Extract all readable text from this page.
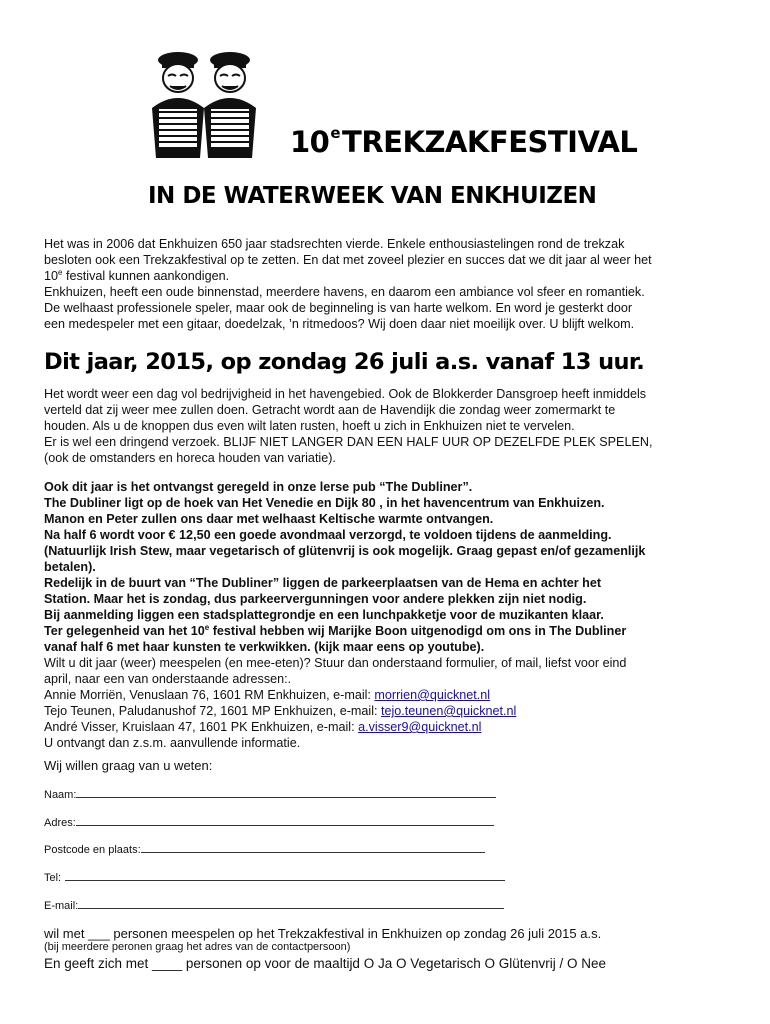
10eTREKZAKFESTIVAL
IN DE WATERWEEK VAN ENKHUIZEN

Het was in 2006 dat Enkhuizen 650 jaar stadsrechten vierde. Enkele enthousiastelingen rond de trekzak

besloten ook een Trekzakfestival op te zetten. En dat met zoveel plezier en succes dat we dit jaar al weer het

10e festival kunnen aankondigen.

Enkhuizen, heeft een oude binnenstad, meerdere havens, en daarom een ambiance vol sfeer en romantiek.

De welhaast professionele speler, maar ook de beginneling is van harte welkom. En word je gesterkt door

een medespeler met een gitaar, doedelzak, ’n ritmedoos? Wij doen daar niet moeilijk over. U blijft welkom.

Dit jaar, 2015, op zondag 26 juli a.s. vanaf 13 uur.

Het wordt weer een dag vol bedrijvigheid in het havengebied. Ook de Blokkerder Dansgroep heeft inmiddels

verteld dat zij weer mee zullen doen. Getracht wordt aan de Havendijk die zondag weer zomermarkt te

houden. Als u de knoppen dus even wilt laten rusten, hoeft u zich in Enkhuizen niet te vervelen.

Er is wel een dringend verzoek. BLIJF NIET LANGER DAN EEN HALF UUR OP DEZELFDE PLEK SPELEN,

(ook de omstanders en horeca houden van variatie).

Ook dit jaar is het ontvangst geregeld in onze lerse pub “The Dubliner”.

The Dubliner ligt op de hoek van Het Venedie en Dijk 80 , in het havencentrum van Enkhuizen.

Manon en Peter zullen ons daar met welhaast Keltische warmte ontvangen.

Na half 6 wordt voor € 12,50 een goede avondmaal verzorgd, te voldoen tijdens de aanmelding.

(Natuurlijk Irish Stew, maar vegetarisch of glütenvrij is ook mogelijk. Graag gepast en/of gezamenlijk

betalen).

Redelijk in de buurt van “The Dubliner” liggen de parkeerplaatsen van de Hema en achter het

Station. Maar het is zondag, dus parkeervergunningen voor andere plekken zijn niet nodig.

Bij aanmelding liggen een stadsplattegrondje en een lunchpakketje voor de muzikanten klaar.

Ter gelegenheid van het 10e festival hebben wij Marijke Boon uitgenodigd om ons in The Dubliner

vanaf half 6 met haar kunsten te verkwikken. (kijk maar eens op youtube).

Wilt u dit jaar (weer) meespelen (en mee-eten)? Stuur dan onderstaand formulier, of mail, liefst voor eind

april, naar een van onderstaande adressen:.

Annie Morriën, Venuslaan 76, 1601 RM Enkhuizen, e-mail: morrien@quicknet.nl

Tejo Teunen, Paludanushof 72, 1601 MP Enkhuizen, e-mail: tejo.teunen@quicknet.nl

André Visser, Kruislaan 47, 1601 PK Enkhuizen, e-mail: a.visser9@quicknet.nl

U ontvangt dan z.s.m. aanvullende informatie.

Wij willen graag van u weten:
Naam:
Adres:
Postcode en plaats:
Tel:
E-mail:
wil met ___ personen meespelen op het Trekzakfestival in Enkhuizen op zondag 26 juli 2015 a.s.
(bij meerdere peronen graag het adres van de contactpersoon)
En geeft zich met ____ personen op voor de maaltijd O Ja O Vegetarisch O Glütenvrij / O Nee
